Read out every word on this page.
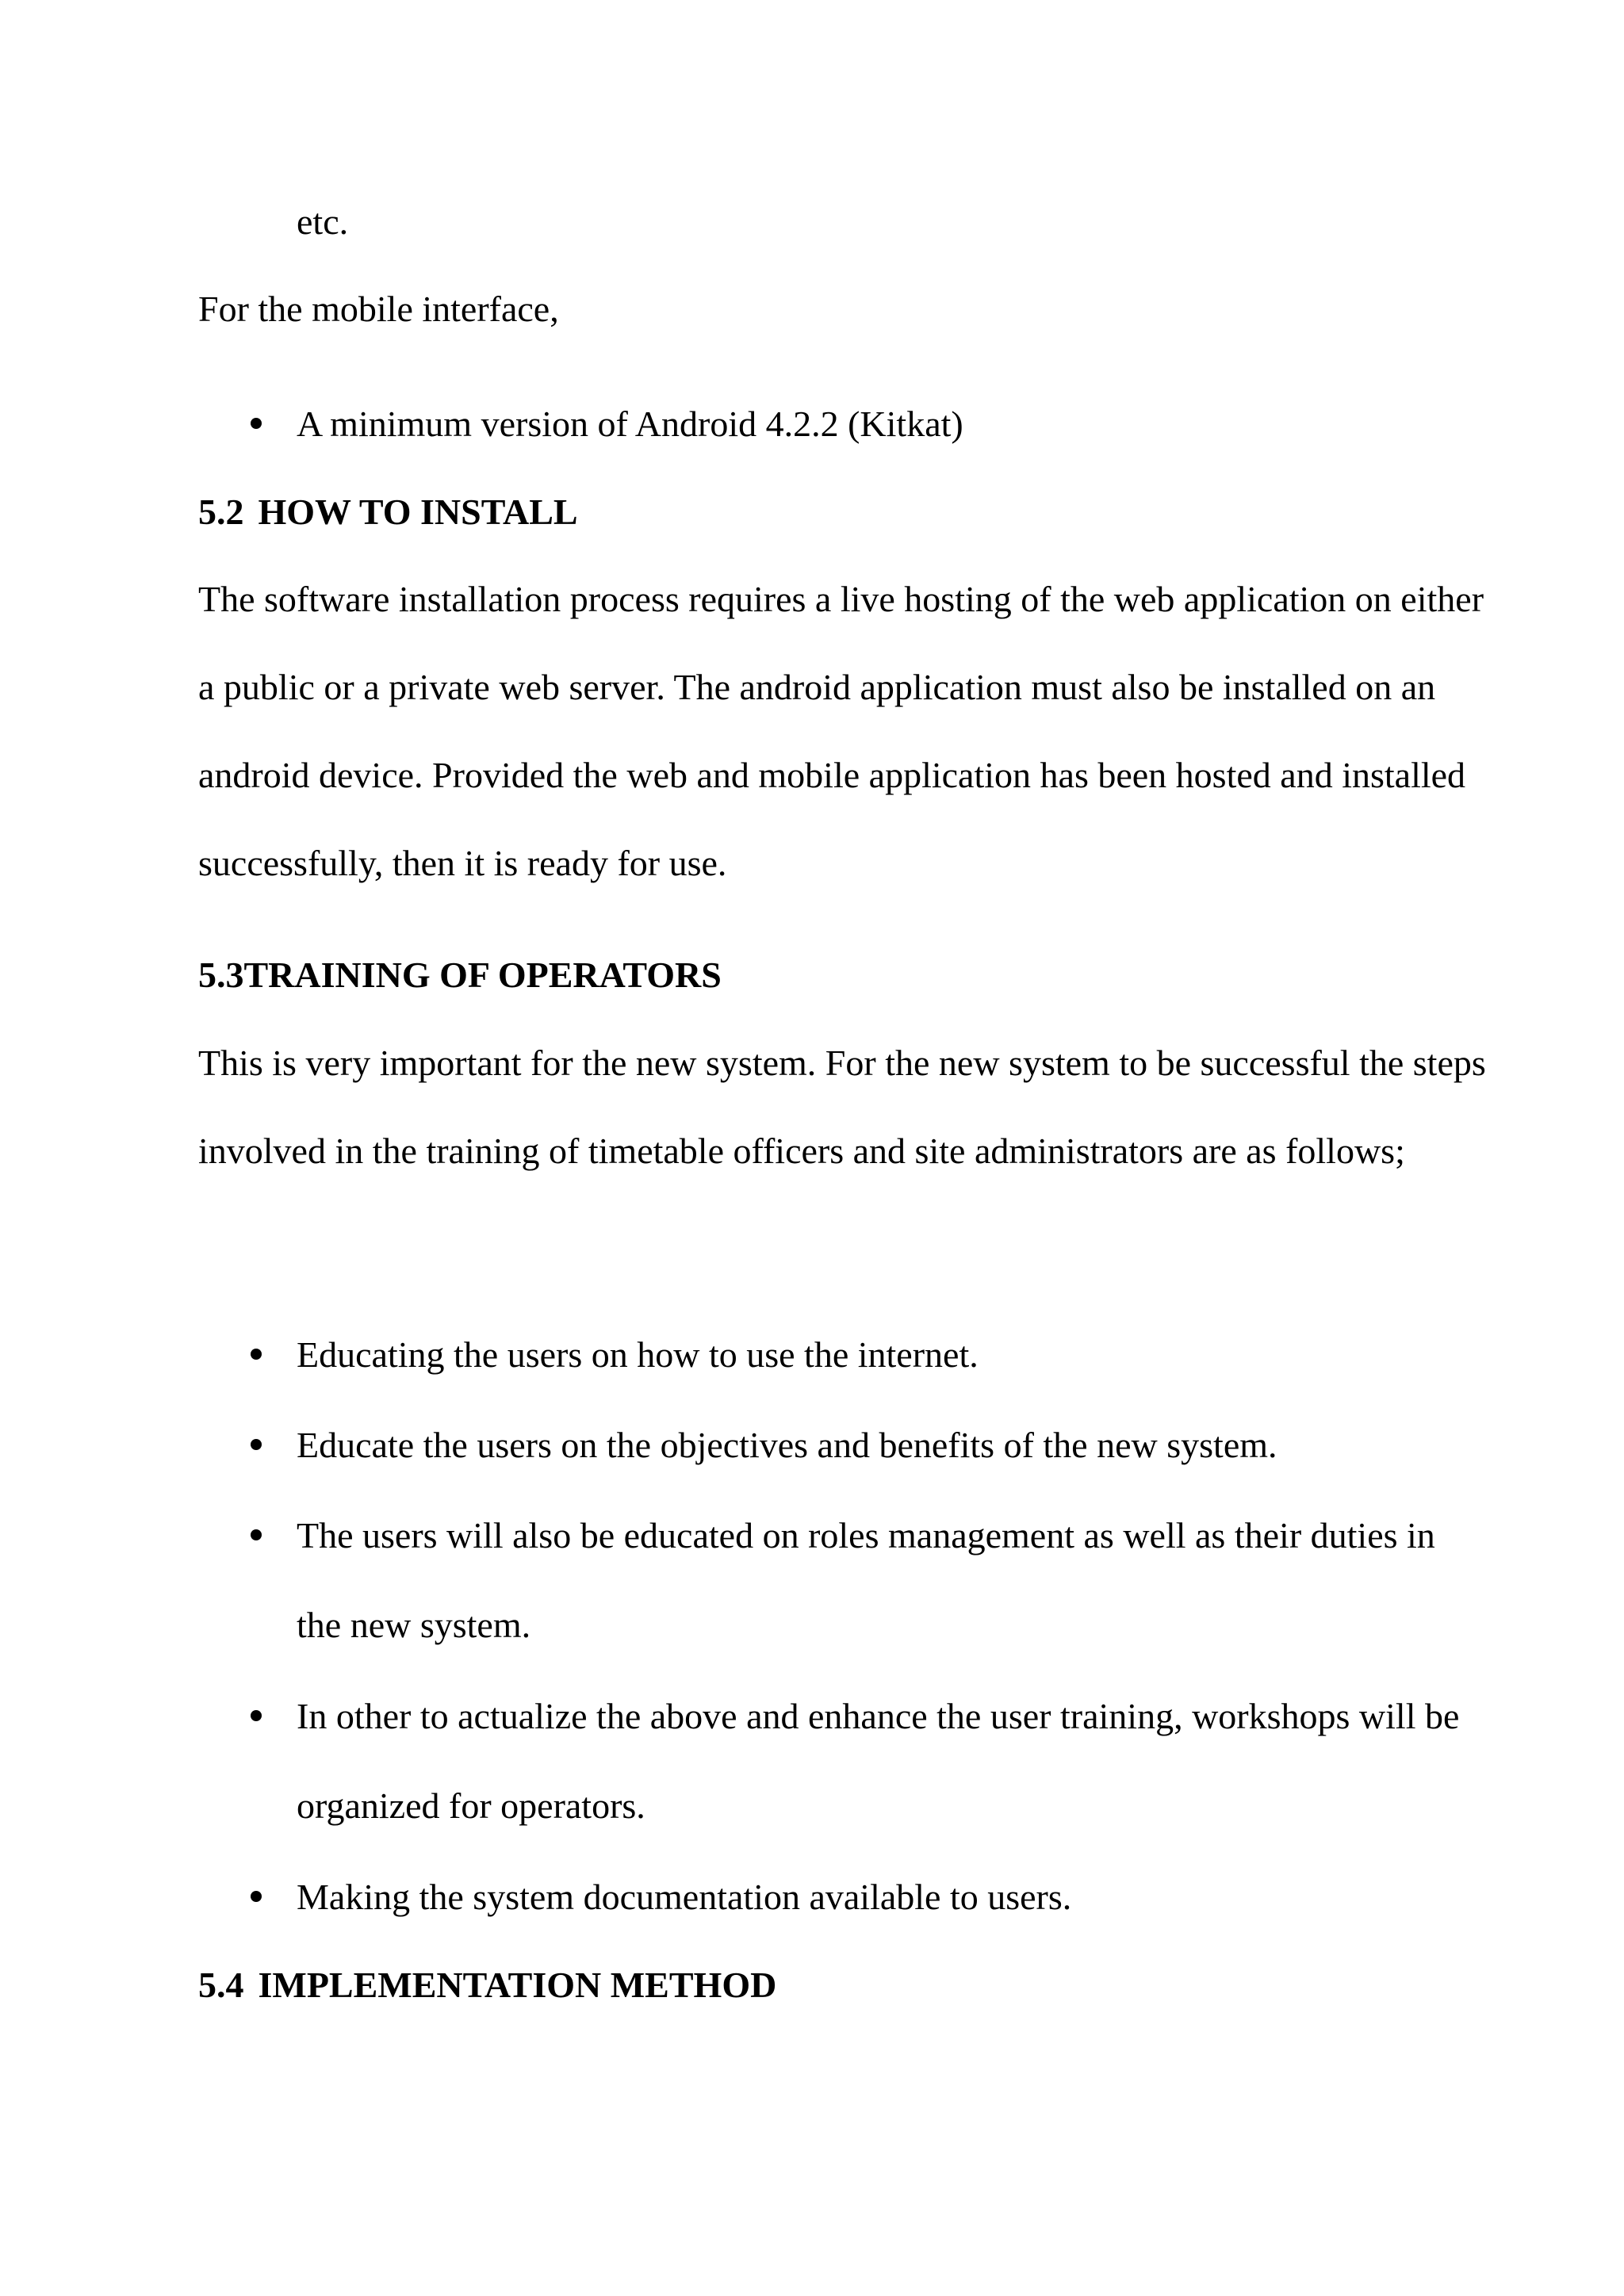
etc.
For the mobile interface,
A minimum version of Android 4.2.2 (Kitkat)
5.2 HOW TO INSTALL

The software installation process requires a live hosting of the web application on either a public or a private web server. The android application must also be installed on an android device. Provided the web and mobile application has been hosted and installed successfully, then it is ready for use.

5.3TRAINING OF OPERATORS

This is very important for the new system. For the new system to be successful the steps involved in the training of timetable officers and site administrators are as follows;

Educating the users on how to use the internet.
Educate the users on the objectives and benefits of the new system.
The users will also be educated on roles management as well as their duties in the new system.
In other to actualize the above and enhance the user training, workshops will be organized for operators.
Making the system documentation available to users.
5.4 IMPLEMENTATION METHOD
